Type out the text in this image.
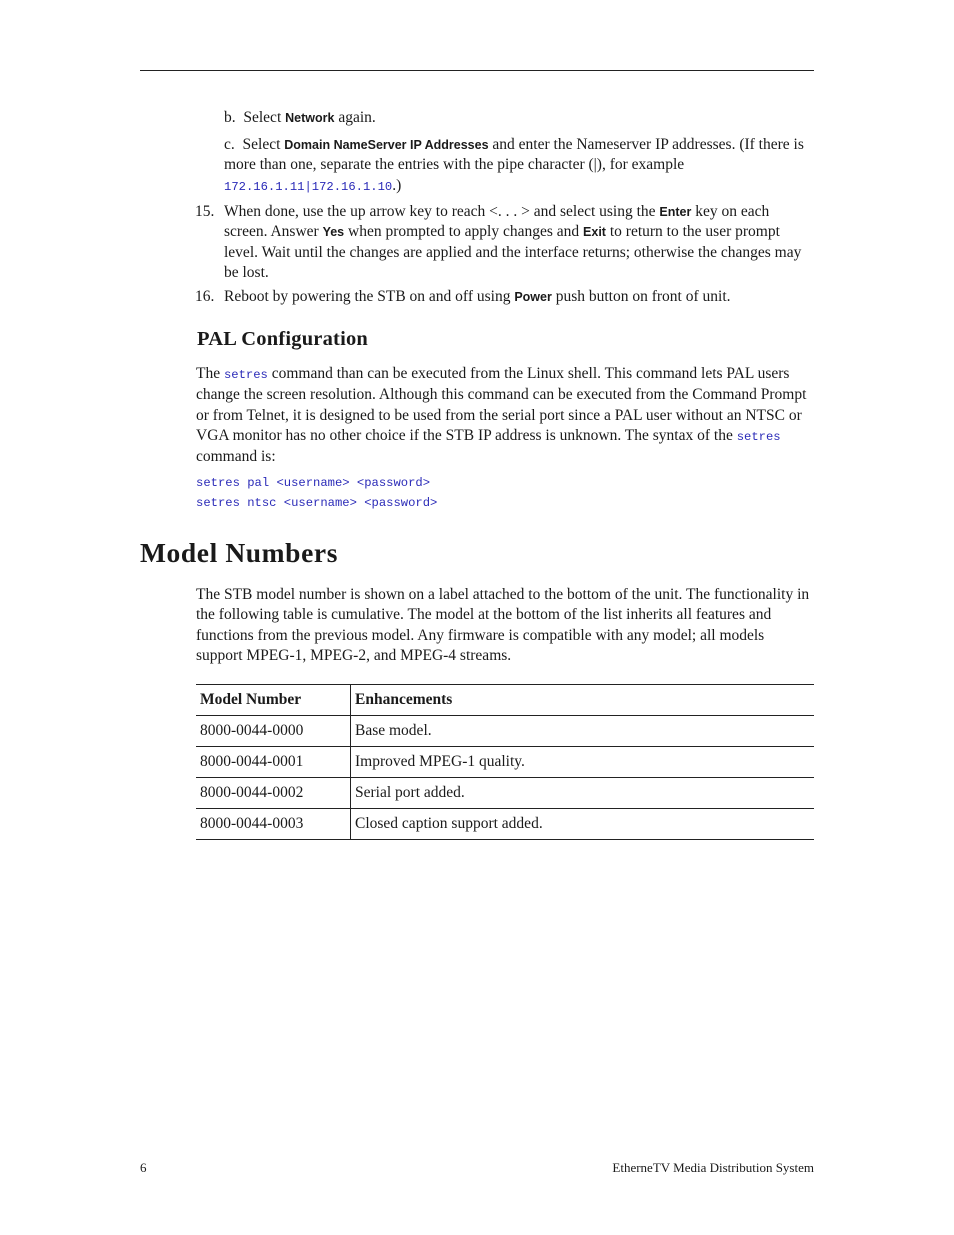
b. Select Network again.
c. Select Domain NameServer IP Addresses and enter the Nameserver IP addresses. (If there is more than one, separate the entries with the pipe character (|), for example 172.16.1.11|172.16.1.10.)
15. When done, use the up arrow key to reach <. . . > and select using the Enter key on each screen. Answer Yes when prompted to apply changes and Exit to return to the user prompt level. Wait until the changes are applied and the interface returns; otherwise the changes may be lost.
16. Reboot by powering the STB on and off using Power push button on front of unit.
PAL Configuration
The setres command than can be executed from the Linux shell. This command lets PAL users change the screen resolution. Although this command can be executed from the Command Prompt or from Telnet, it is designed to be used from the serial port since a PAL user without an NTSC or VGA monitor has no other choice if the STB IP address is unknown. The syntax of the setres command is:
setres pal <username> <password>
setres ntsc <username> <password>
Model Numbers
The STB model number is shown on a label attached to the bottom of the unit. The functionality in the following table is cumulative. The model at the bottom of the list inherits all features and functions from the previous model. Any firmware is compatible with any model; all models support MPEG-1, MPEG-2, and MPEG-4 streams.
Model Number	Enhancements
8000-0044-0000	Base model.
8000-0044-0001	Improved MPEG-1 quality.
8000-0044-0002	Serial port added.
8000-0044-0003	Closed caption support added.
6	EtherneTV Media Distribution System
